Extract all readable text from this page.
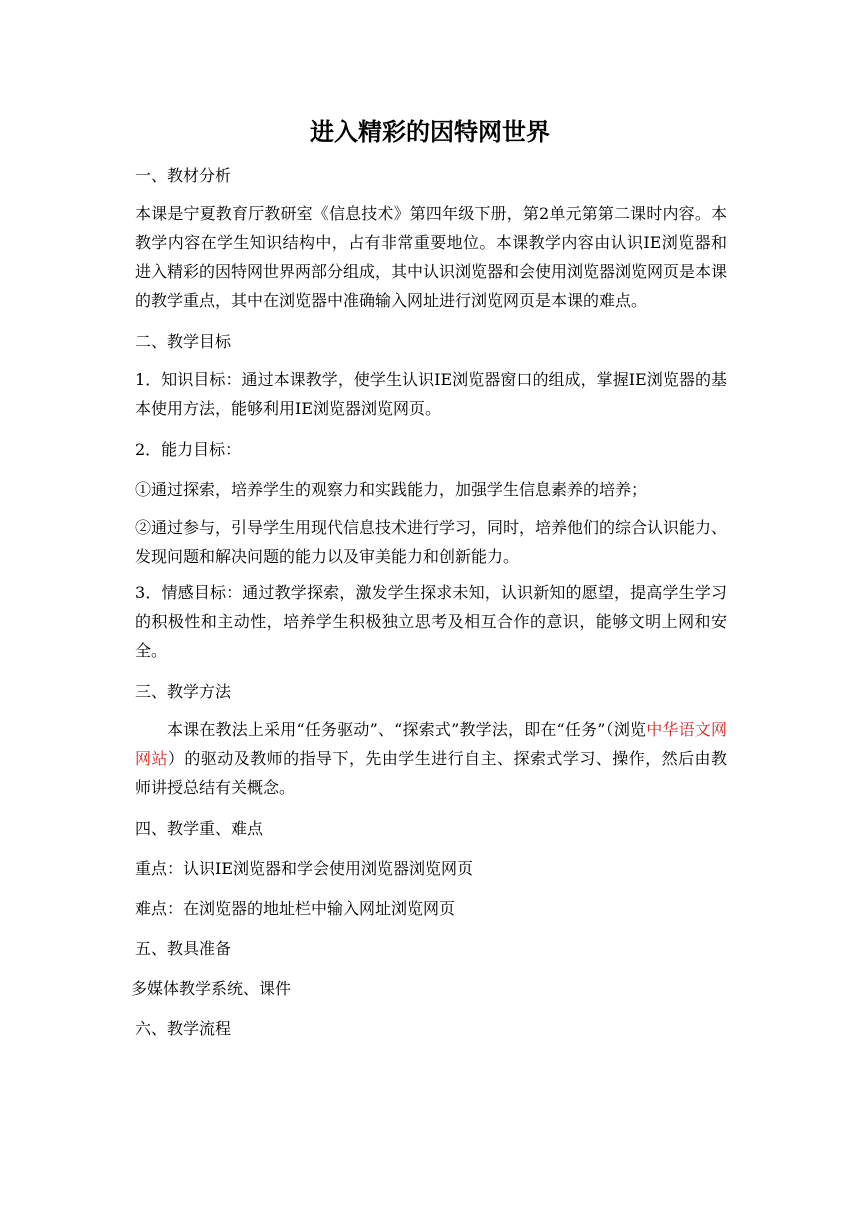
进入精彩的因特网世界
一、教材分析
本课是宁夏教育厅教研室《信息技术》第四年级下册，第2单元第第二课时内容。本教学内容在学生知识结构中，占有非常重要地位。本课教学内容由认识IE浏览器和进入精彩的因特网世界两部分组成，其中认识浏览器和会使用浏览器浏览网页是本课的教学重点，其中在浏览器中准确输入网址进行浏览网页是本课的难点。
二、教学目标
1．知识目标：通过本课教学，使学生认识IE浏览器窗口的组成，掌握IE浏览器的基本使用方法，能够利用IE浏览器浏览网页。
2．能力目标：
①通过探索，培养学生的观察力和实践能力，加强学生信息素养的培养；
②通过参与，引导学生用现代信息技术进行学习，同时，培养他们的综合认识能力、发现问题和解决问题的能力以及审美能力和创新能力。
3．情感目标：通过教学探索，激发学生探求未知，认识新知的愿望，提高学生学习的积极性和主动性，培养学生积极独立思考及相互合作的意识，能够文明上网和安全。
三、教学方法
本课在教法上采用“任务驱动”、“探索式”教学法，即在“任务”（浏览中华语文网网站）的驱动及教师的指导下，先由学生进行自主、探索式学习、操作，然后由教师讲授总结有关概念。
四、教学重、难点
重点：认识IE浏览器和学会使用浏览器浏览网页
难点：在浏览器的地址栏中输入网址浏览网页
五、教具准备
多媒体教学系统、课件
六、教学流程
